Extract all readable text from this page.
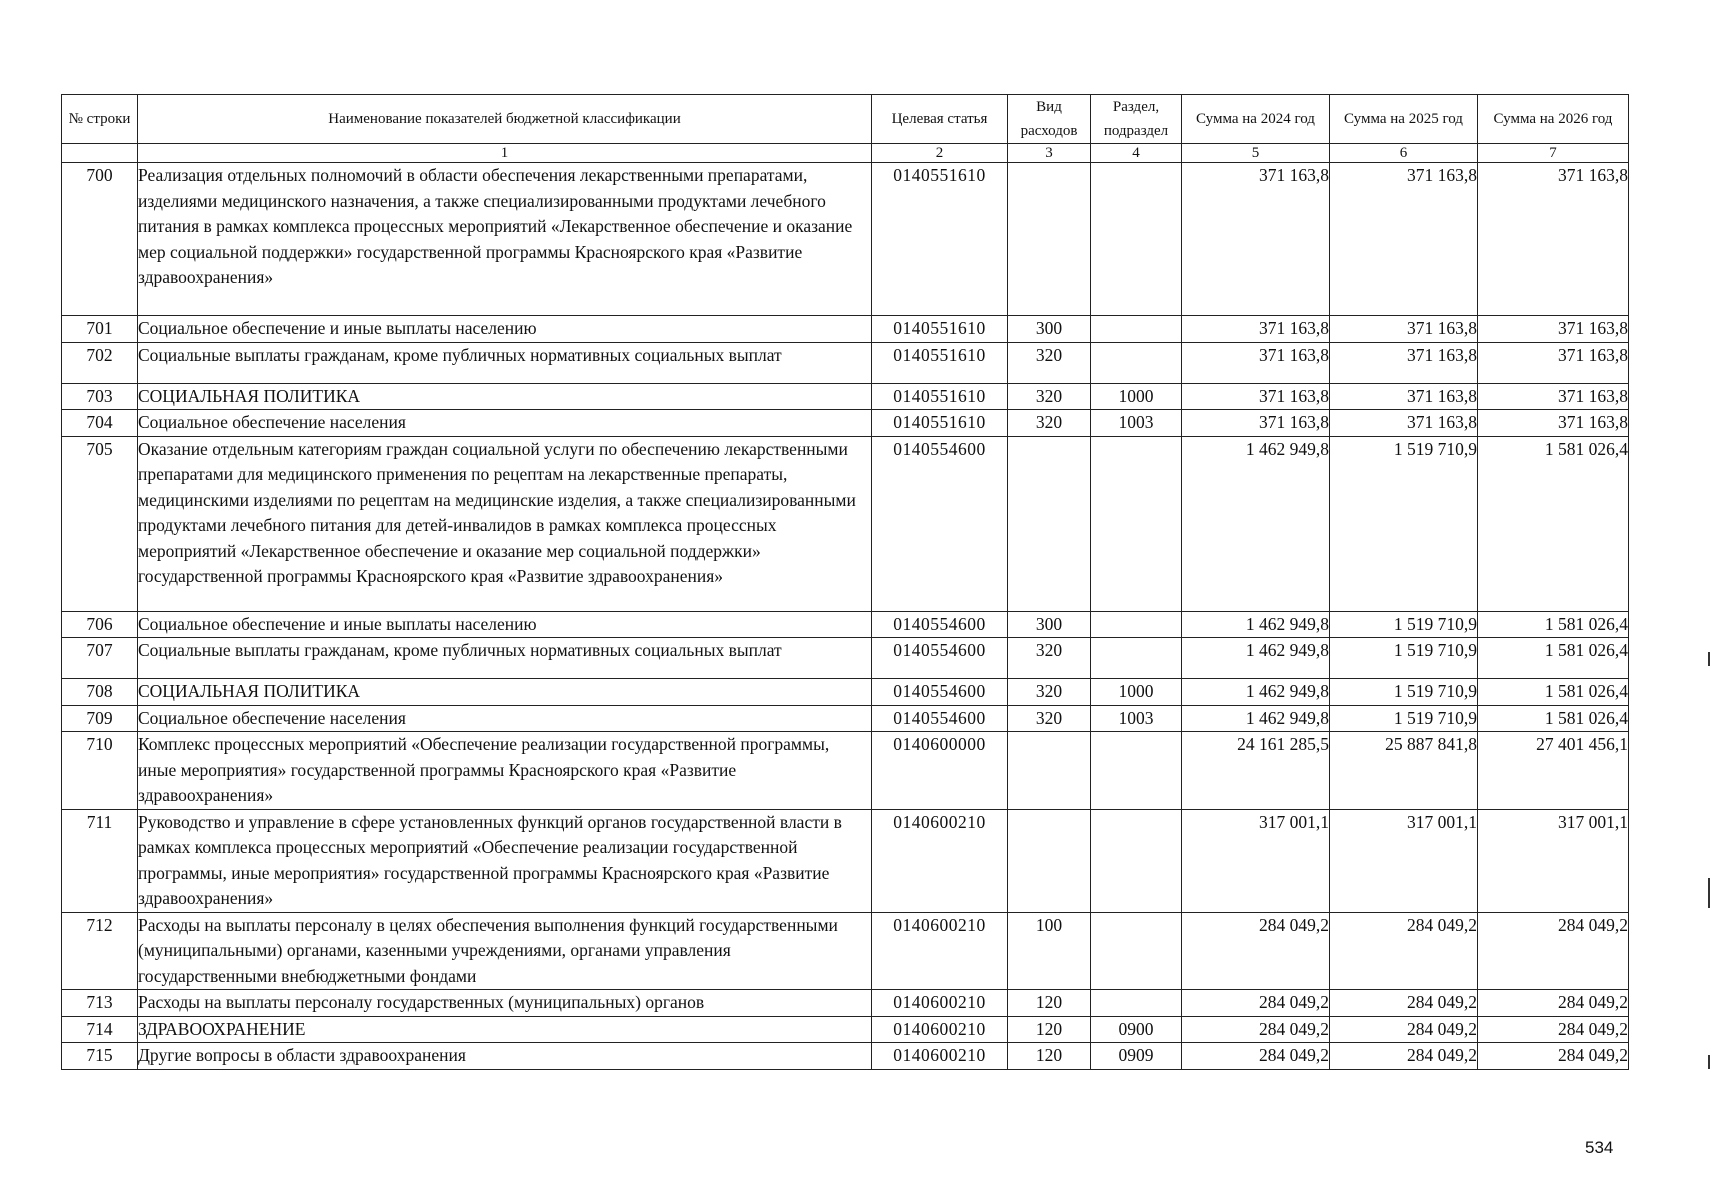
№ строки	Наименование показателей бюджетной классификации	Целевая статья	Вид расходов	Раздел, подраздел	Сумма на 2024 год	Сумма на 2025 год	Сумма на 2026 год
	1	2	3	4	5	6	7
700	Реализация отдельных полномочий в области обеспечения лекарственными препаратами, изделиями медицинского назначения, а также специализированными продуктами лечебного питания в рамках комплекса процессных мероприятий «Лекарственное обеспечение и оказание мер социальной поддержки» государственной программы Красноярского края «Развитие здравоохранения»	0140551610			371 163,8	371 163,8	371 163,8
701	Социальное обеспечение и иные выплаты населению	0140551610	300		371 163,8	371 163,8	371 163,8
702	Социальные выплаты гражданам, кроме публичных нормативных социальных выплат	0140551610	320		371 163,8	371 163,8	371 163,8
703	СОЦИАЛЬНАЯ ПОЛИТИКА	0140551610	320	1000	371 163,8	371 163,8	371 163,8
704	Социальное обеспечение населения	0140551610	320	1003	371 163,8	371 163,8	371 163,8
705	Оказание отдельным категориям граждан социальной услуги по обеспечению лекарственными препаратами для медицинского применения по рецептам на лекарственные препараты, медицинскими изделиями по рецептам на медицинские изделия, а также специализированными продуктами лечебного питания для детей-инвалидов в рамках комплекса процессных мероприятий «Лекарственное обеспечение и оказание мер социальной поддержки» государственной программы Красноярского края «Развитие здравоохранения»	0140554600			1 462 949,8	1 519 710,9	1 581 026,4
706	Социальное обеспечение и иные выплаты населению	0140554600	300		1 462 949,8	1 519 710,9	1 581 026,4
707	Социальные выплаты гражданам, кроме публичных нормативных социальных выплат	0140554600	320		1 462 949,8	1 519 710,9	1 581 026,4
708	СОЦИАЛЬНАЯ ПОЛИТИКА	0140554600	320	1000	1 462 949,8	1 519 710,9	1 581 026,4
709	Социальное обеспечение населения	0140554600	320	1003	1 462 949,8	1 519 710,9	1 581 026,4
710	Комплекс процессных мероприятий «Обеспечение реализации государственной программы, иные мероприятия» государственной программы Красноярского края «Развитие здравоохранения»	0140600000			24 161 285,5	25 887 841,8	27 401 456,1
711	Руководство и управление в сфере установленных функций органов государственной власти в рамках комплекса процессных мероприятий «Обеспечение реализации государственной программы, иные мероприятия» государственной программы Красноярского края «Развитие здравоохранения»	0140600210			317 001,1	317 001,1	317 001,1
712	Расходы на выплаты персоналу в целях обеспечения выполнения функций государственными (муниципальными) органами, казенными учреждениями, органами управления государственными внебюджетными фондами	0140600210	100		284 049,2	284 049,2	284 049,2
713	Расходы на выплаты персоналу государственных (муниципальных) органов	0140600210	120		284 049,2	284 049,2	284 049,2
714	ЗДРАВООХРАНЕНИЕ	0140600210	120	0900	284 049,2	284 049,2	284 049,2
715	Другие вопросы в области здравоохранения	0140600210	120	0909	284 049,2	284 049,2	284 049,2
534
